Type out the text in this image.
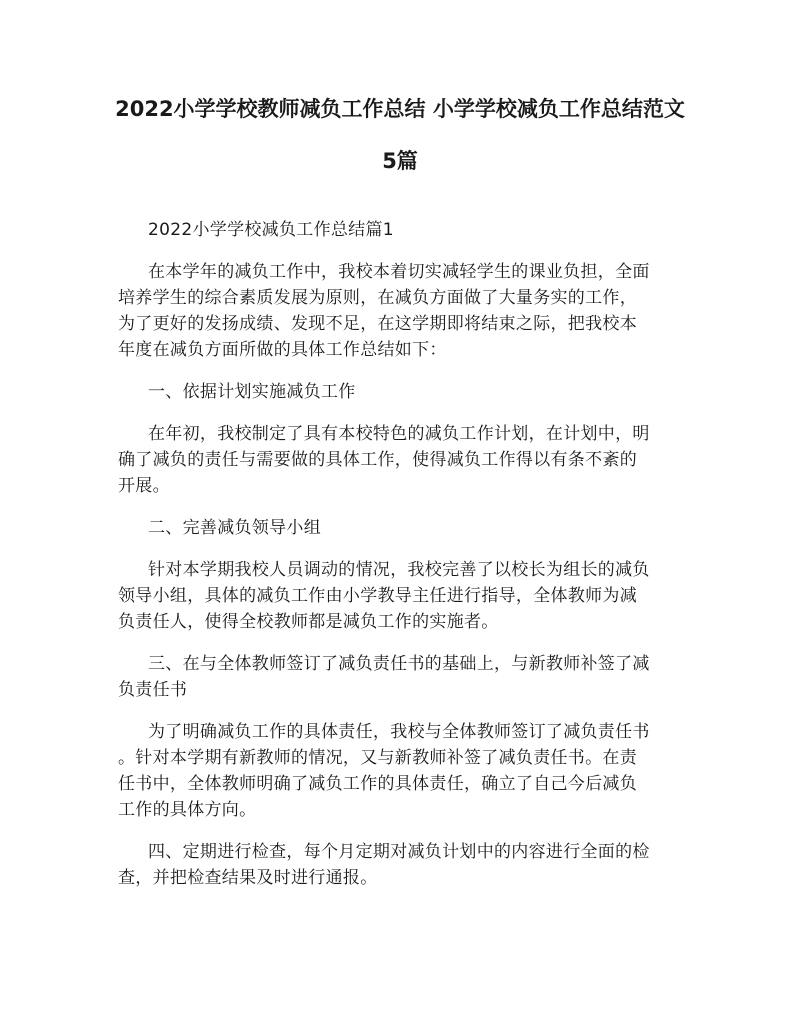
2022小学学校教师减负工作总结 小学学校减负工作总结范文
5篇

2022小学学校减负工作总结篇1

在本学年的减负工作中，我校本着切实减轻学生的课业负担，全面

培养学生的综合素质发展为原则，在减负方面做了大量务实的工作，

为了更好的发扬成绩、发现不足，在这学期即将结束之际，把我校本

年度在减负方面所做的具体工作总结如下：

一、依据计划实施减负工作

在年初，我校制定了具有本校特色的减负工作计划，在计划中，明

确了减负的责任与需要做的具体工作，使得减负工作得以有条不紊的

开展。

二、完善减负领导小组

针对本学期我校人员调动的情况，我校完善了以校长为组长的减负

领导小组，具体的减负工作由小学教导主任进行指导，全体教师为减

负责任人，使得全校教师都是减负工作的实施者。

三、在与全体教师签订了减负责任书的基础上，与新教师补签了减

负责任书

为了明确减负工作的具体责任，我校与全体教师签订了减负责任书

。针对本学期有新教师的情况，又与新教师补签了减负责任书。在责

任书中，全体教师明确了减负工作的具体责任，确立了自己今后减负

工作的具体方向。

四、定期进行检查，每个月定期对减负计划中的内容进行全面的检

查，并把检查结果及时进行通报。
